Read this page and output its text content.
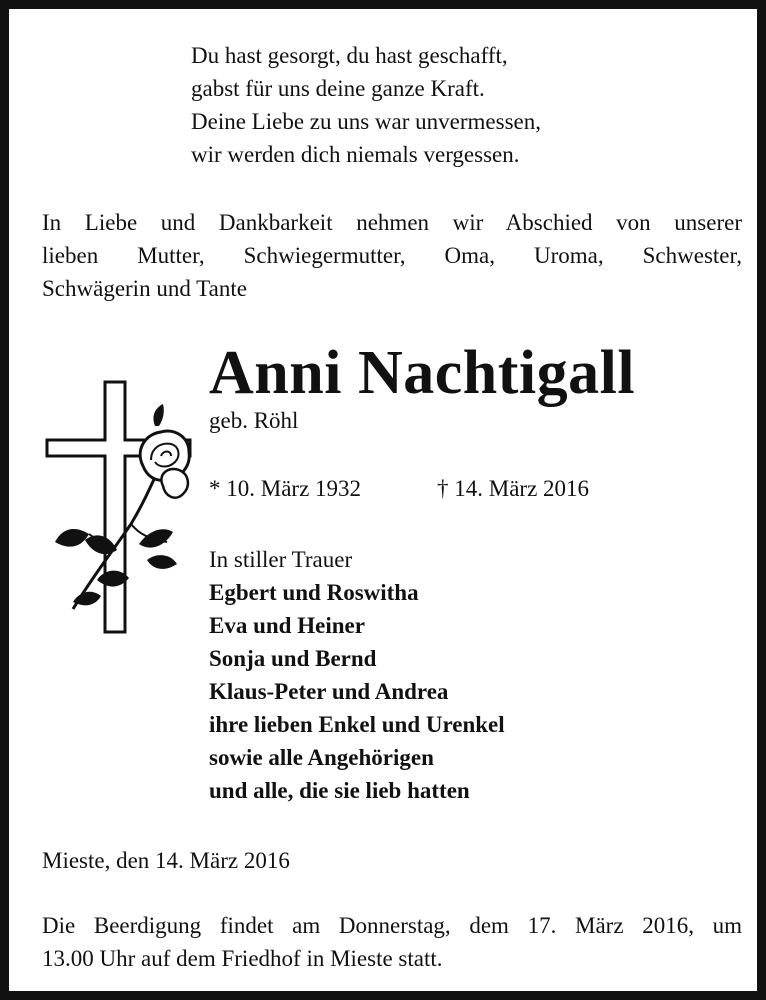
Du hast gesorgt, du hast geschafft,
gabst für uns deine ganze Kraft.
Deine Liebe zu uns war unvermessen,
wir werden dich niemals vergessen.
In Liebe und Dankbarkeit nehmen wir Abschied von unserer
lieben Mutter, Schwiegermutter, Oma, Uroma, Schwester,
Schwägerin und Tante
Anni Nachtigall
geb. Röhl
* 10. März 1932	† 14. März 2016
In stiller Trauer
Egbert und Roswitha
Eva und Heiner
Sonja und Bernd
Klaus-Peter und Andrea
ihre lieben Enkel und Urenkel
sowie alle Angehörigen
und alle, die sie lieb hatten
Mieste, den 14. März 2016
Die Beerdigung findet am Donnerstag, dem 17. März 2016, um
13.00 Uhr auf dem Friedhof in Mieste statt.
